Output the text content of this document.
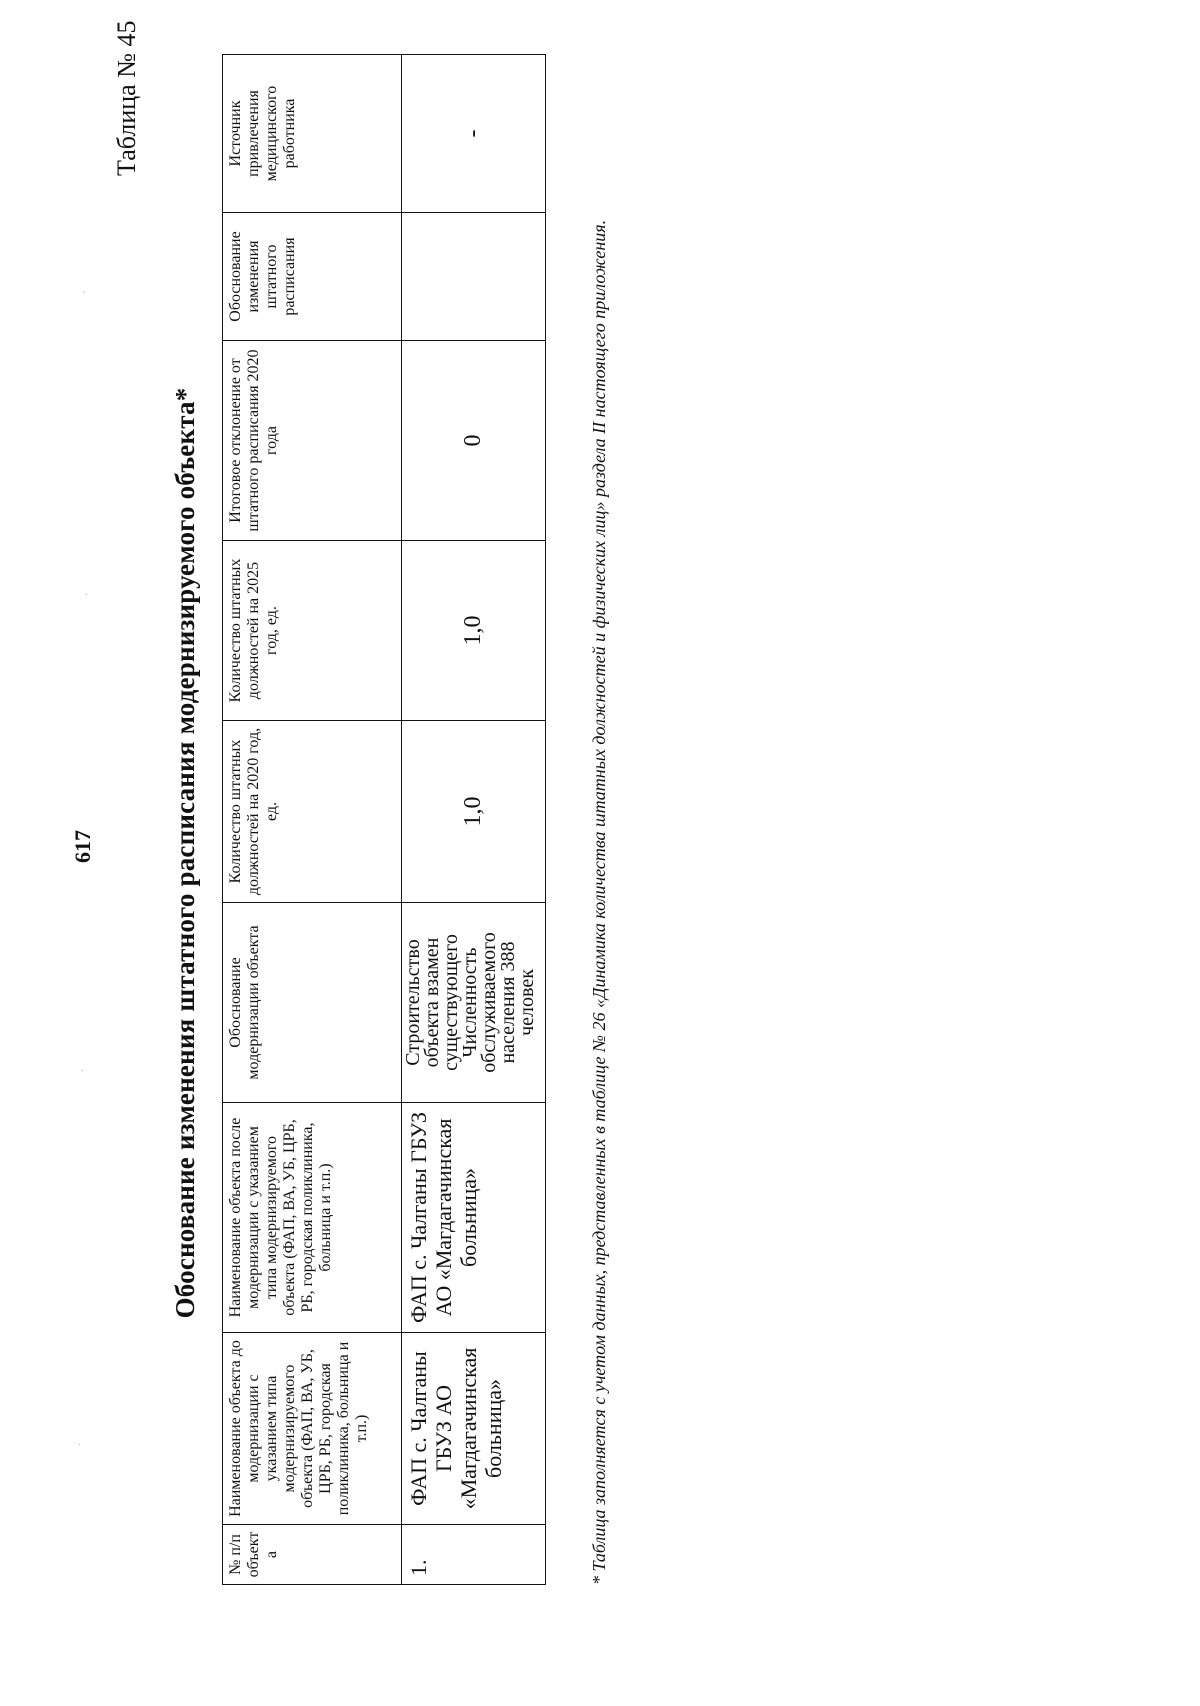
617
Таблица № 45
Обоснование изменения штатного расписания модернизируемого объекта*
№ п/п объект а	Наименование объекта до модернизации с указанием типа модернизируемого объекта (ФАП, ВА, УБ, ЦРБ, РБ, городская поликлиника, больница и т.п.)	Наименование объекта после модернизации с указанием типа модернизируемого объекта (ФАП, ВА, УБ, ЦРБ, РБ, городская поликлиника, больница и т.п.)	Обоснование модернизации объекта	Количество штатных должностей на 2020 год, ед.	Количество штатных должностей на 2025 год, ед.	Итоговое отклонение от штатного расписания 2020 года	Обоснование изменения штатного расписания	Источник привлечения медицинского работника
1.	ФАП с. Чалганы ГБУЗ АО «Магдагачинская больница»	ФАП с. Чалганы ГБУЗ АО «Магдагачинская больница»	Строительство объекта взамен существующего Численность обслуживаемого населения 388 человек	1,0	1,0	0		-
* Таблица заполняется с учетом данных, представленных в таблице № 26 «Динамика количества штатных должностей и физических лиц» раздела II настоящего приложения.
·
·
·
·
